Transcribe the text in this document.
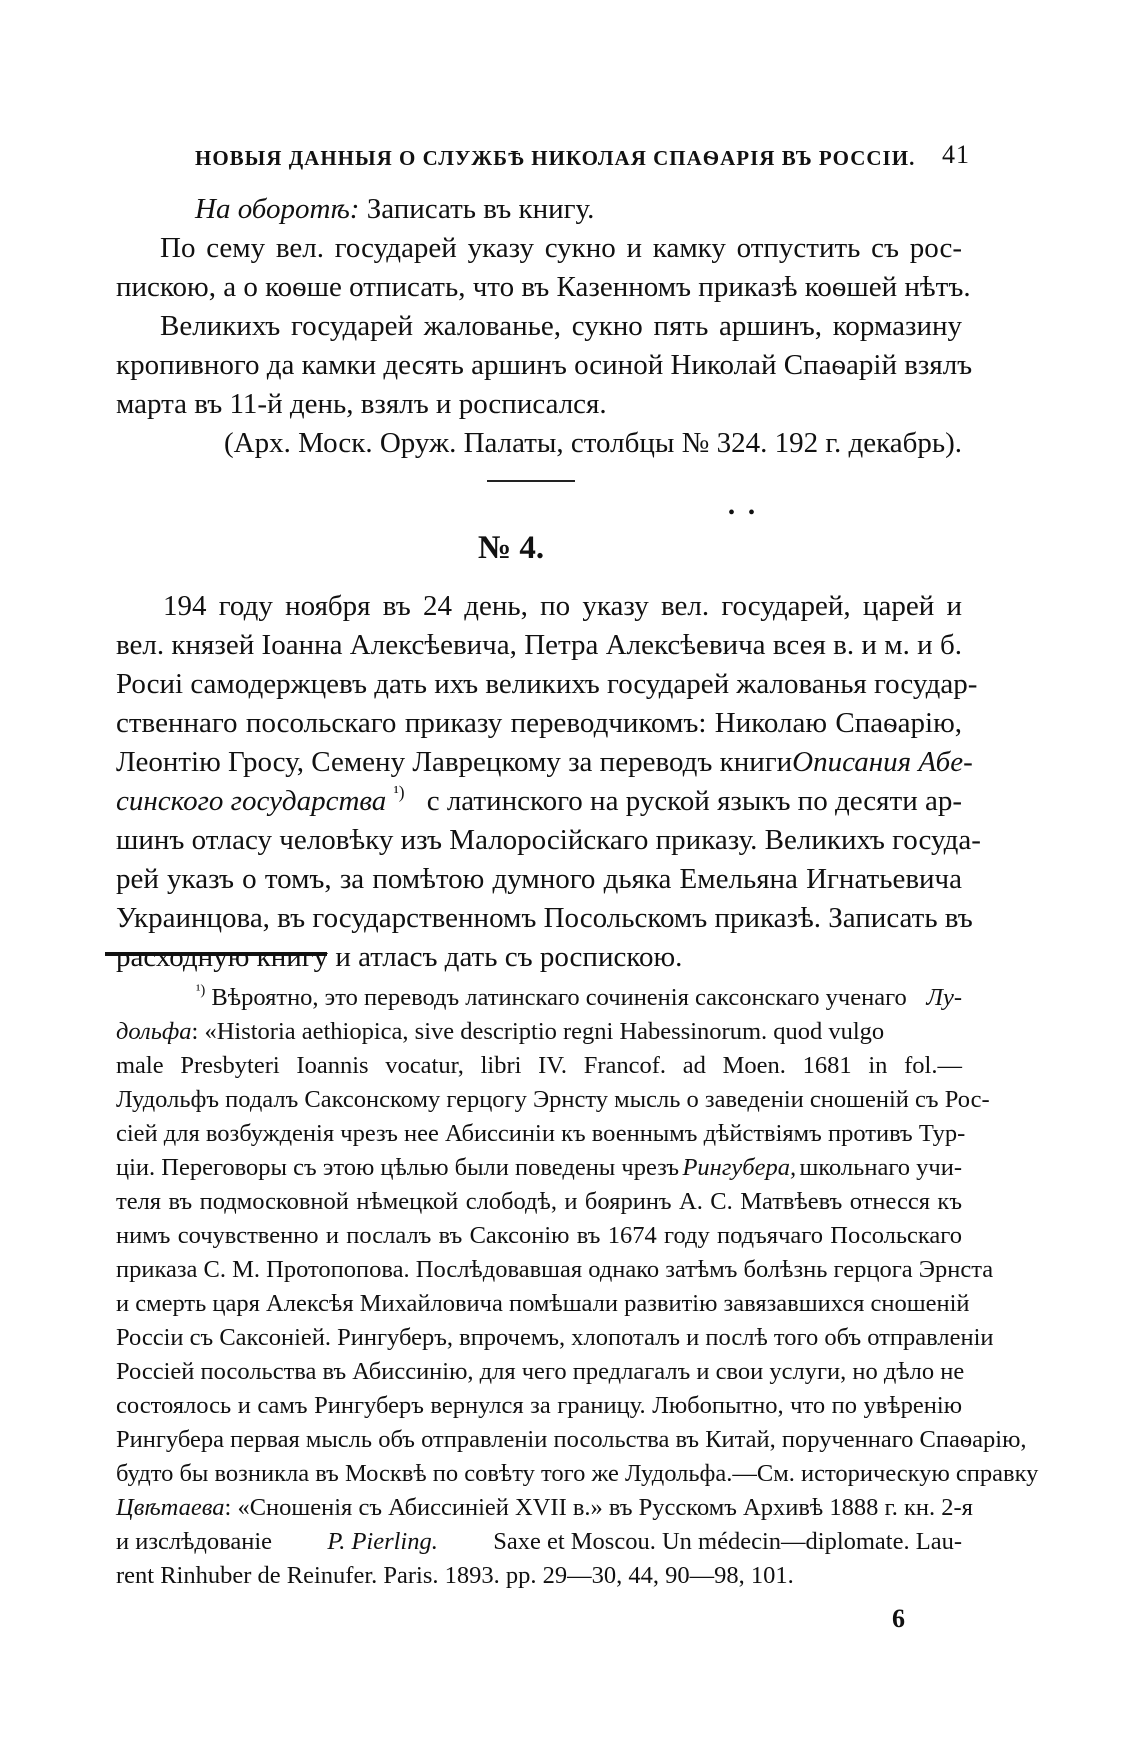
НОВЫЯ ДАННЫЯ О СЛУЖБѢ НИКОЛАЯ СПАѲАРІЯ ВЪ РОССІИ. 41
На оборотѣ: Записать въ книгу.
По сему вел. государей указу сукно и камку отпустить съ рос-
пискою, а о коѳше отписать, что въ Казенномъ приказѣ коѳшей нѣтъ.
Великихъ государей жалованье, сукно пять аршинъ, кормазину
кропивного да камки десять аршинъ осиной Николай Спаѳарій взялъ
марта въ 11-й день, взялъ и росписался.
(Арх. Моск. Оруж. Палаты, столбцы № 324. 192 г. декабрь).
• •
№ 4.
194 году ноября въ 24 день, по указу вел. государей, царей и
вел. князей Іоанна Алексѣевича, Петра Алексѣевича всея в. и м. и б.
Росиі самодержцевъ дать ихъ великихъ государей жалованья государ-
ственнаго посольскаго приказу переводчикомъ: Николаю Спаѳарію,
Леонтію Гросу, Семену Лаврецкому за переводъ книги Описания Абе-
синского государства $^{^1)}$ с латинского на руской языкъ по десяти ар-
шинъ отласу человѣку изъ Малоросійскаго приказу. Великихъ госуда-
рей указъ о томъ, за помѣтою думного дьяка Емельяна Игнатьевича
Украинцова, въ государственномъ Посольскомъ приказѣ. Записать въ
расходную книгу и атласъ дать съ роспискою.
$^{^1)}$ Вѣроятно, это переводъ латинскаго сочиненія саксонскаго ученаго Лу-
дольфа: «Historia aethiopica, sive descriptio regni Habessinorum. quod vulgo
male Presbyteri Ioannis vocatur, libri IV. Francof. ad Moen. 1681 in fol.—
Лудольфъ подалъ Саксонскому герцогу Эрнсту мысль о заведеніи сношеній съ Рос-
сіей для возбужденія чрезъ нее Абиссиніи къ военнымъ дѣйствіямъ противъ Тур-
ціи. Переговоры съ этою цѣлью были поведены чрезъ Рингубера, школьнаго учи-
теля въ подмосковной нѣмецкой слободѣ, и бояринъ А. С. Матвѣевъ отнесся къ
нимъ сочувственно и послалъ въ Саксонію въ 1674 году подъячаго Посольскаго
приказа С. М. Протопопова. Послѣдовавшая однако затѣмъ болѣзнь герцога Эрнста
и смерть царя Алексѣя Михайловича помѣшали развитію завязавшихся сношеній
Россіи съ Саксоніей. Рингуберъ, впрочемъ, хлопоталъ и послѣ того объ отправленіи
Россіей посольства въ Абиссинію, для чего предлагалъ и свои услуги, но дѣло не
состоялось и самъ Рингуберъ вернулся за границу. Любопытно, что по увѣренію
Рингубера первая мысль объ отправленіи посольства въ Китай, порученнаго Спаѳарію,
будто бы возникла въ Москвѣ по совѣту того же Лудольфа.—См. историческую справку
Цвѣтаева: «Сношенія съ Абиссиніей XVII в.» въ Русскомъ Архивѣ 1888 г. кн. 2-я
и изслѣдованіе P. Pierling. Saxe et Moscou. Un médecin—diplomate. Lau-
rent Rinhuber de Reinufer. Paris. 1893. pp. 29—30, 44, 90—98, 101.
6
